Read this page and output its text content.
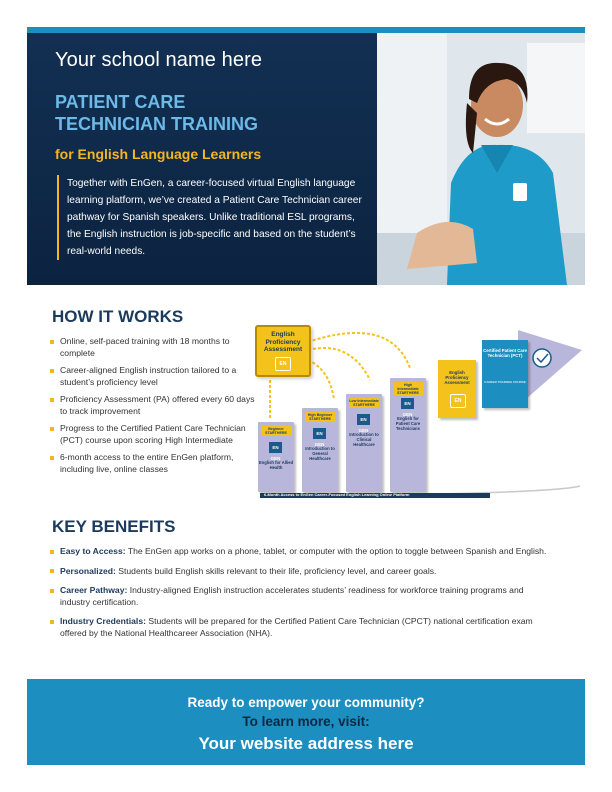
Your school name here
PATIENT CARE
TECHNICIAN TRAINING
for English Language Learners
Together with EnGen, a career-focused virtual English language learning platform, we’ve created a Patient Care Technician career pathway for Spanish speakers. Unlike traditional ESL programs, the English instruction is job-specific and based on the student’s real-world needs.
HOW IT WORKS
Online, self-paced training with 18 months to complete
Career-aligned English instruction tailored to a student’s proficiency level
Proficiency Assessment (PA) offered every 60 days to track improvement
Progress to the Certified Patient Care Technician (PCT) course upon scoring High Intermediate
6-month access to the entire EnGen platform, including live, online classes
English Proficiency Assessment
EN
Beginner STARTHERE
EN GEN
English for Allied Health
High Beginner STARTHERE
EN GEN
Introduction to General Healthcare
Low Intermediate STARTHERE
EN GEN
Introduction to Clinical Healthcare
High Intermediate STARTHERE
EN GEN
English for Patient Care Technicians
English Proficiency Assessment
EN
Certified Patient Care Technician (PCT)
CAREER TRAINING COURSE
6-Month Access to EnGen Career-Focused English Learning Online Platform
KEY BENEFITS
Easy to Access: The EnGen app works on a phone, tablet, or computer with the option to toggle between Spanish and English.
Personalized: Students build English skills relevant to their life, proficiency level, and career goals.
Career Pathway: Industry-aligned English instruction accelerates students’ readiness for workforce training programs and industry certification.
Industry Credentials: Students will be prepared for the Certified Patient Care Technician (CPCT) national certification exam offered by the National Healthcareer Association (NHA).
Ready to empower your community?
To learn more, visit:
Your website address here
